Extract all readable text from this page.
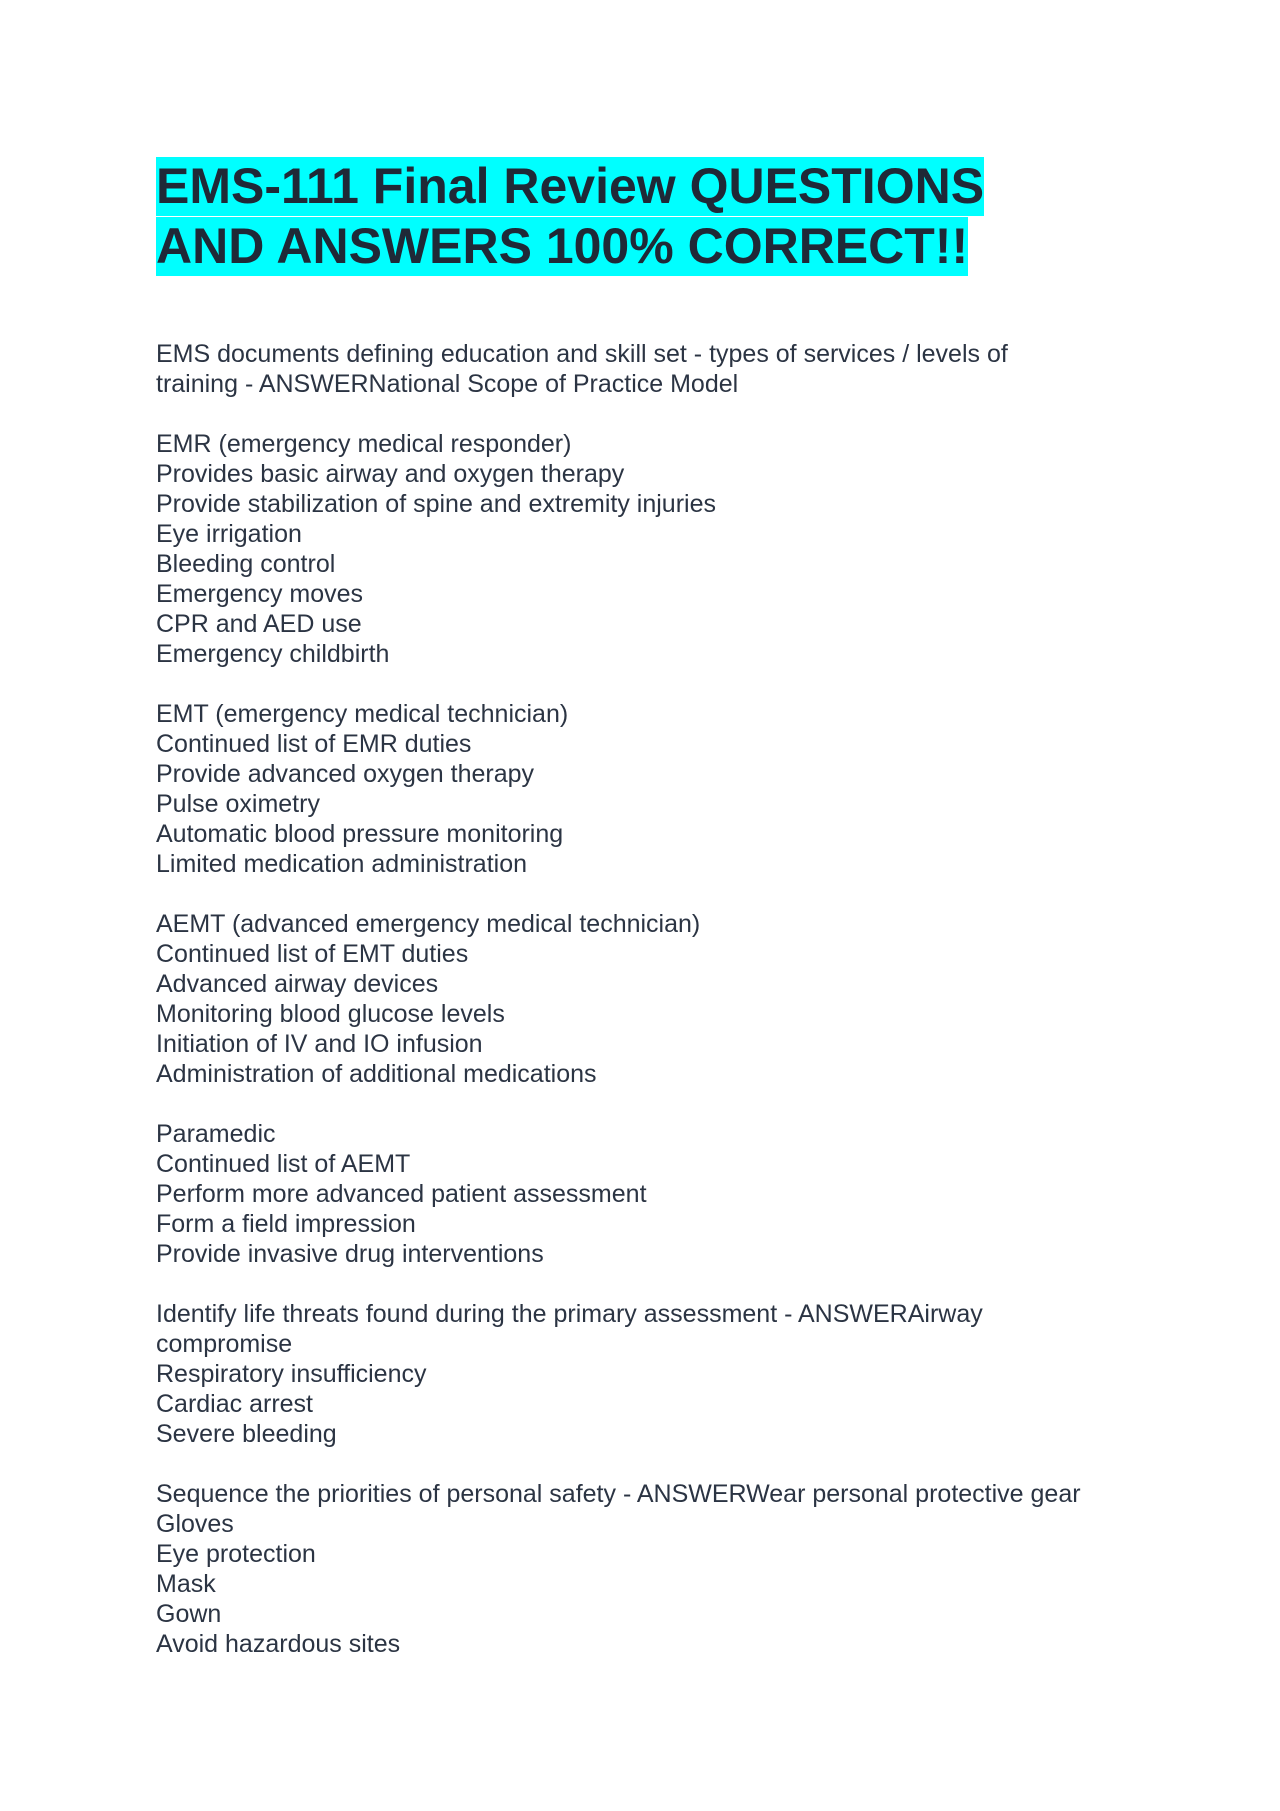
EMS-111 Final Review QUESTIONS
AND ANSWERS 100% CORRECT!!
EMS documents defining education and skill set - types of services / levels of
training - ANSWERNational Scope of Practice Model
EMR (emergency medical responder)
Provides basic airway and oxygen therapy
Provide stabilization of spine and extremity injuries
Eye irrigation
Bleeding control
Emergency moves
CPR and AED use
Emergency childbirth
EMT (emergency medical technician)
Continued list of EMR duties
Provide advanced oxygen therapy
Pulse oximetry
Automatic blood pressure monitoring
Limited medication administration
AEMT (advanced emergency medical technician)
Continued list of EMT duties
Advanced airway devices
Monitoring blood glucose levels
Initiation of IV and IO infusion
Administration of additional medications
Paramedic
Continued list of AEMT
Perform more advanced patient assessment
Form a field impression
Provide invasive drug interventions
Identify life threats found during the primary assessment - ANSWERAirway
compromise
Respiratory insufficiency
Cardiac arrest
Severe bleeding
Sequence the priorities of personal safety - ANSWERWear personal protective gear
Gloves
Eye protection
Mask
Gown
Avoid hazardous sites
